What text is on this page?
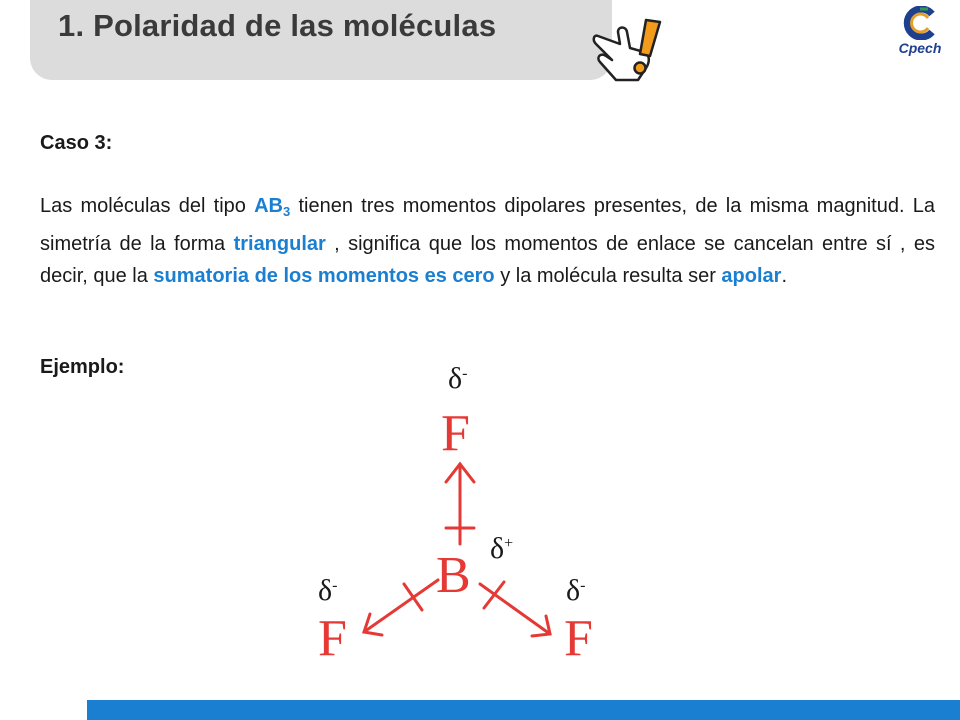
1. Polaridad de las moléculas
Cpech
Caso 3:
Las moléculas del tipo $AB_3$ tienen tres momentos dipolares presentes, de la misma magnitud. La simetría de la forma triangular , significa que los momentos de enlace se cancelan entre sí , es decir, que la sumatoria de los momentos es cero y la molécula resulta ser apolar.
Ejemplo:	δ-
δ+
δ-	δ-
F
B
F	F
